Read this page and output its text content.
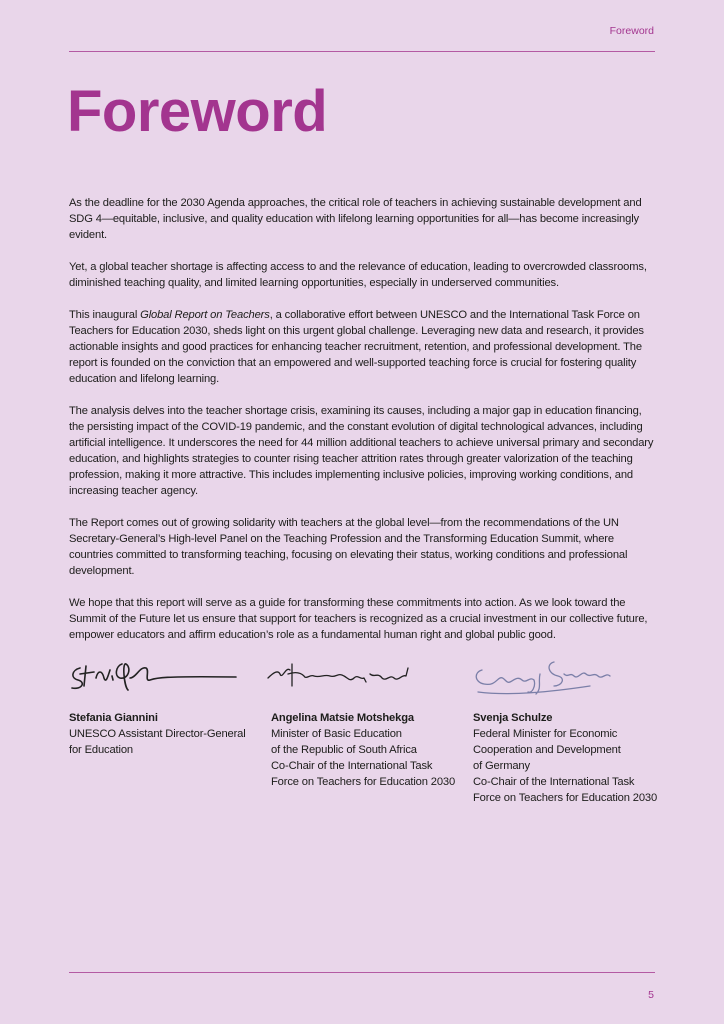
Foreword
Foreword

As the deadline for the 2030 Agenda approaches, the critical role of teachers in achieving sustainable development and SDG 4—equitable, inclusive, and quality education with lifelong learning opportunities for all—has become increasingly evident.

Yet, a global teacher shortage is affecting access to and the relevance of education, leading to overcrowded classrooms, diminished teaching quality, and limited learning opportunities, especially in underserved communities.

This inaugural Global Report on Teachers, a collaborative effort between UNESCO and the International Task Force on Teachers for Education 2030, sheds light on this urgent global challenge. Leveraging new data and research, it provides actionable insights and good practices for enhancing teacher recruitment, retention, and professional development. The report is founded on the conviction that an empowered and well-supported teaching force is crucial for fostering quality education and lifelong learning.

The analysis delves into the teacher shortage crisis, examining its causes, including a major gap in education financing, the persisting impact of the COVID-19 pandemic, and the constant evolution of digital technological advances, including artificial intelligence. It underscores the need for 44 million additional teachers to achieve universal primary and secondary education, and highlights strategies to counter rising teacher attrition rates through greater valorization of the teaching profession, making it more attractive. This includes implementing inclusive policies, improving working conditions, and increasing teacher agency.

The Report comes out of growing solidarity with teachers at the global level—from the recommendations of the UN Secretary-General’s High-level Panel on the Teaching Profession and the Transforming Education Summit, where countries committed to transforming teaching, focusing on elevating their status, working conditions and professional development.

We hope that this report will serve as a guide for transforming these commitments into action. As we look toward the Summit of the Future let us ensure that support for teachers is recognized as a crucial investment in our collective future, empower educators and affirm education’s role as a fundamental human right and global public good.

Stefania Giannini
UNESCO Assistant Director-General
for Education
Angelina Matsie Motshekga
Minister of Basic Education
of the Republic of South Africa
Co-Chair of the International Task
Force on Teachers for Education 2030
Svenja Schulze
Federal Minister for Economic
Cooperation and Development
of Germany
Co-Chair of the International Task
Force on Teachers for Education 2030
5
